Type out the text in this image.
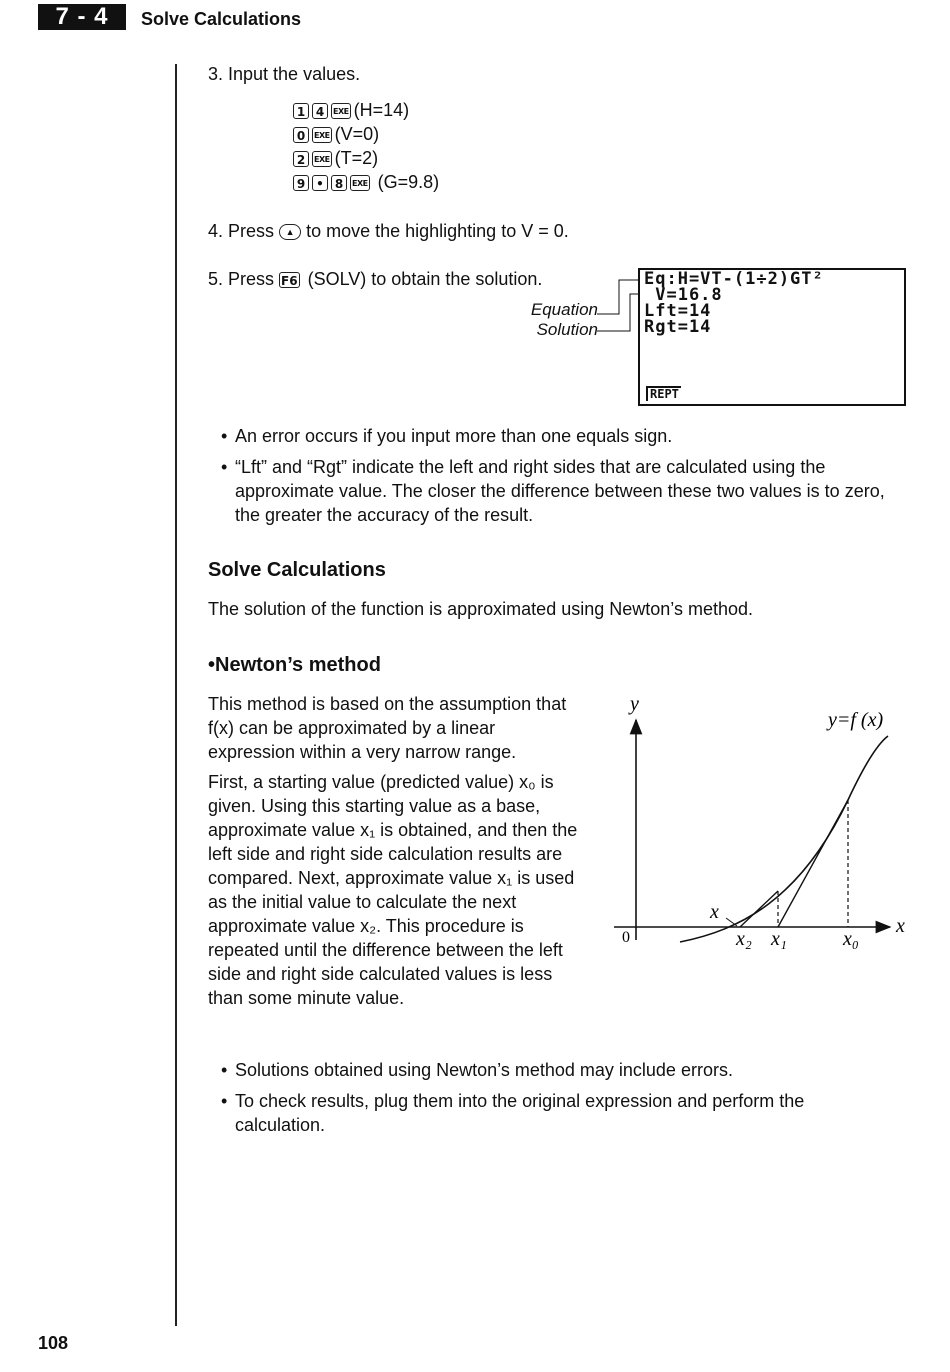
7 - 4	Solve Calculations
3. Input the values.
1 4 EXE (H=14)
0 EXE (V=0)
2 EXE (T=2)
9 • 8 EXE (G=9.8)
4. Press ▲ to move the highlighting to V = 0.
5. Press F6 (SOLV) to obtain the solution.	Eq:H=VT-(1÷2)GT²
V=16.8
Lft=14
Rgt=14
REPT
Equation
Solution
• An error occurs if you input more than one equals sign.
• “Lft” and “Rgt” indicate the left and right sides that are calculated using the approximate value. The closer the difference between these two values is to zero, the greater the accuracy of the result.
Solve Calculations
The solution of the function is approximated using Newton’s method.
•Newton’s method
This method is based on the assumption that f(x) can be approximated by a linear expression within a very narrow range.
First, a starting value (predicted value) x₀ is given. Using this starting value as a base, approximate value x₁ is obtained, and then the left side and right side calculation results are compared. Next, approximate value x₁ is used as the initial value to calculate the next approximate value x₂. This procedure is repeated until the difference between the left side and right side calculated values is less than some minute value.
y
x
0
y=f (x)
x
x₂ x₁	x₀
• Solutions obtained using Newton’s method may include errors.
• To check results, plug them into the original expression and perform the calculation.
108
